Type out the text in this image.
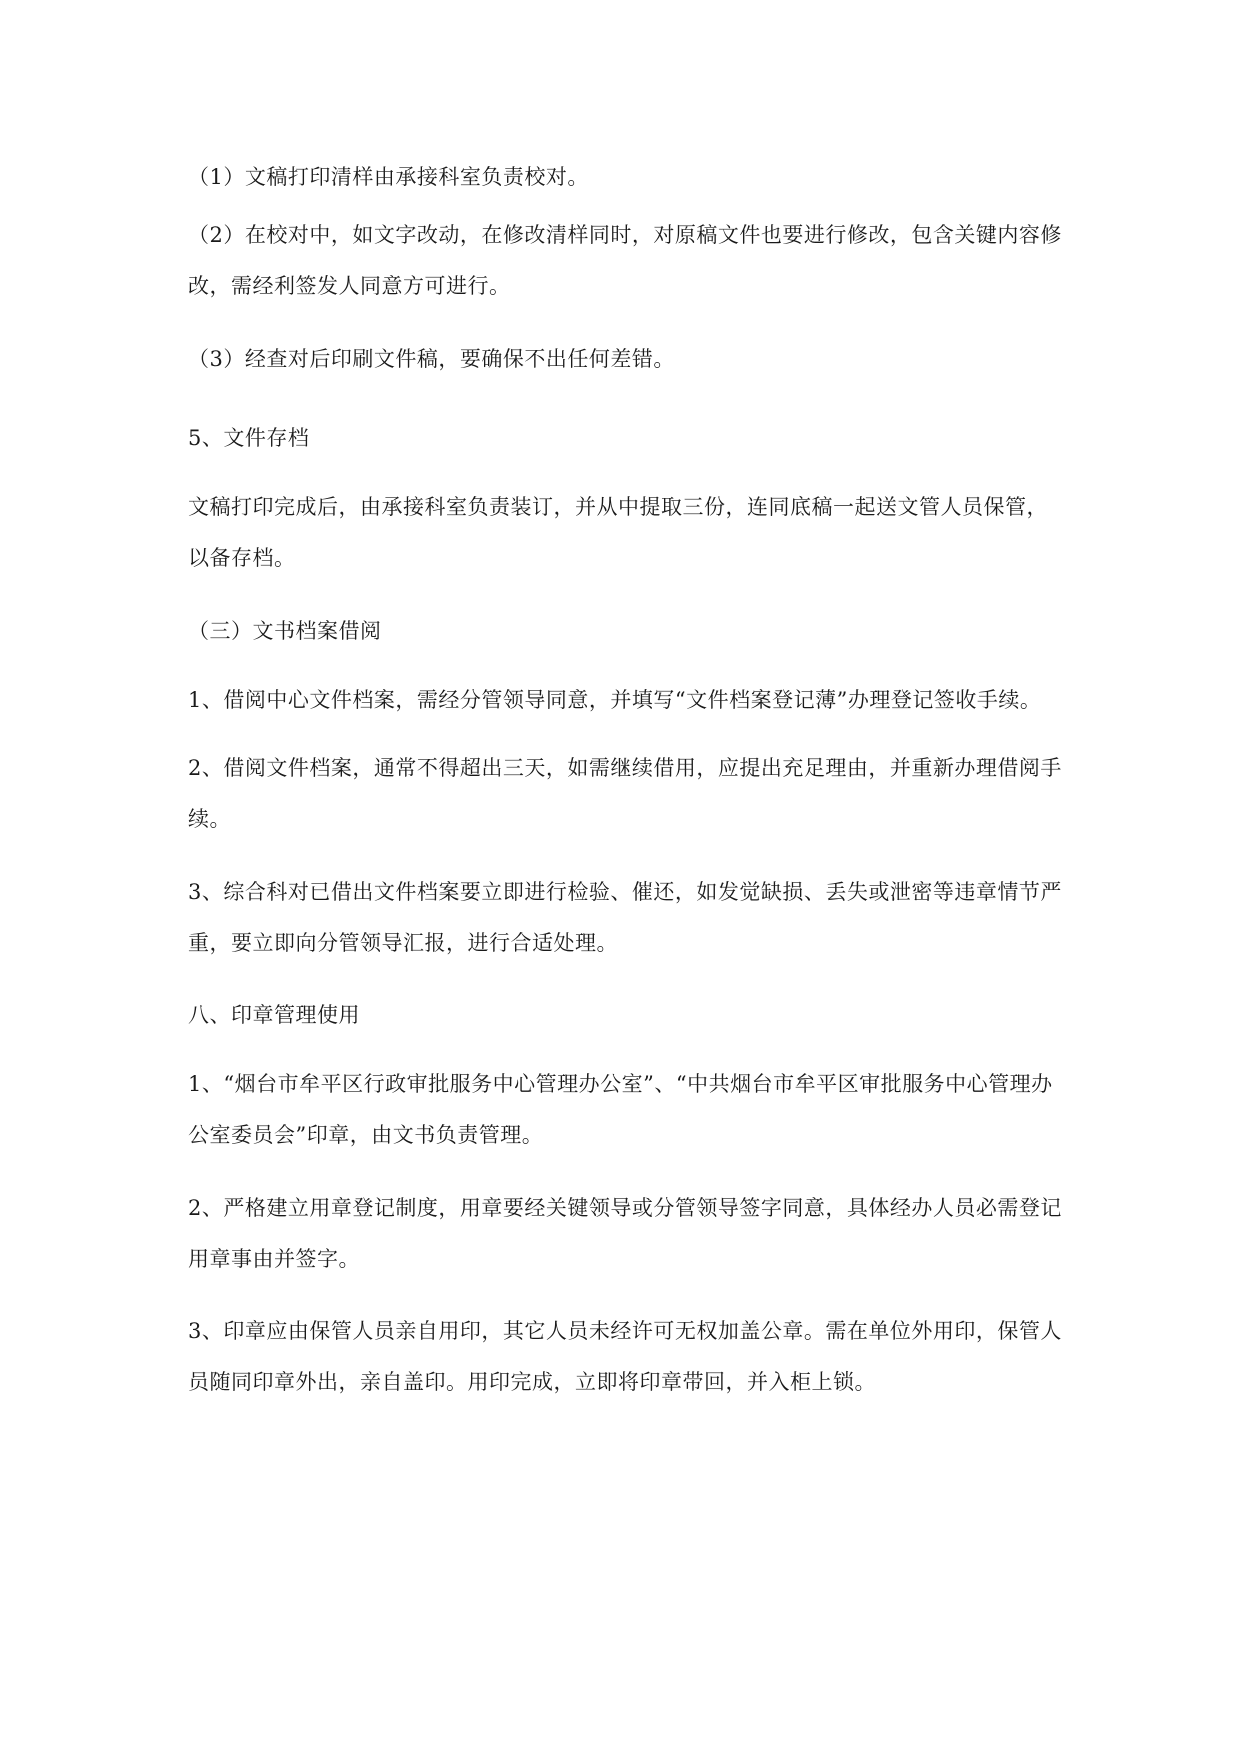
（1）文稿打印清样由承接科室负责校对。

（2）在校对中，如文字改动，在修改清样同时，对原稿文件也要进行修改，包含关键内容修改，需经利签发人同意方可进行。

（3）经查对后印刷文件稿，要确保不出任何差错。

5、文件存档

文稿打印完成后，由承接科室负责装订，并从中提取三份，连同底稿一起送文管人员保管，以备存档。

（三）文书档案借阅

1、借阅中心文件档案，需经分管领导同意，并填写“文件档案登记薄”办理登记签收手续。

2、借阅文件档案，通常不得超出三天，如需继续借用，应提出充足理由，并重新办理借阅手续。

3、综合科对已借出文件档案要立即进行检验、催还，如发觉缺损、丢失或泄密等违章情节严重，要立即向分管领导汇报，进行合适处理。

八、印章管理使用

1、“烟台市牟平区行政审批服务中心管理办公室”、“中共烟台市牟平区审批服务中心管理办公室委员会”印章，由文书负责管理。

2、严格建立用章登记制度，用章要经关键领导或分管领导签字同意，具体经办人员必需登记用章事由并签字。

3、印章应由保管人员亲自用印，其它人员未经许可无权加盖公章。需在单位外用印，保管人员随同印章外出，亲自盖印。用印完成，立即将印章带回，并入柜上锁。
